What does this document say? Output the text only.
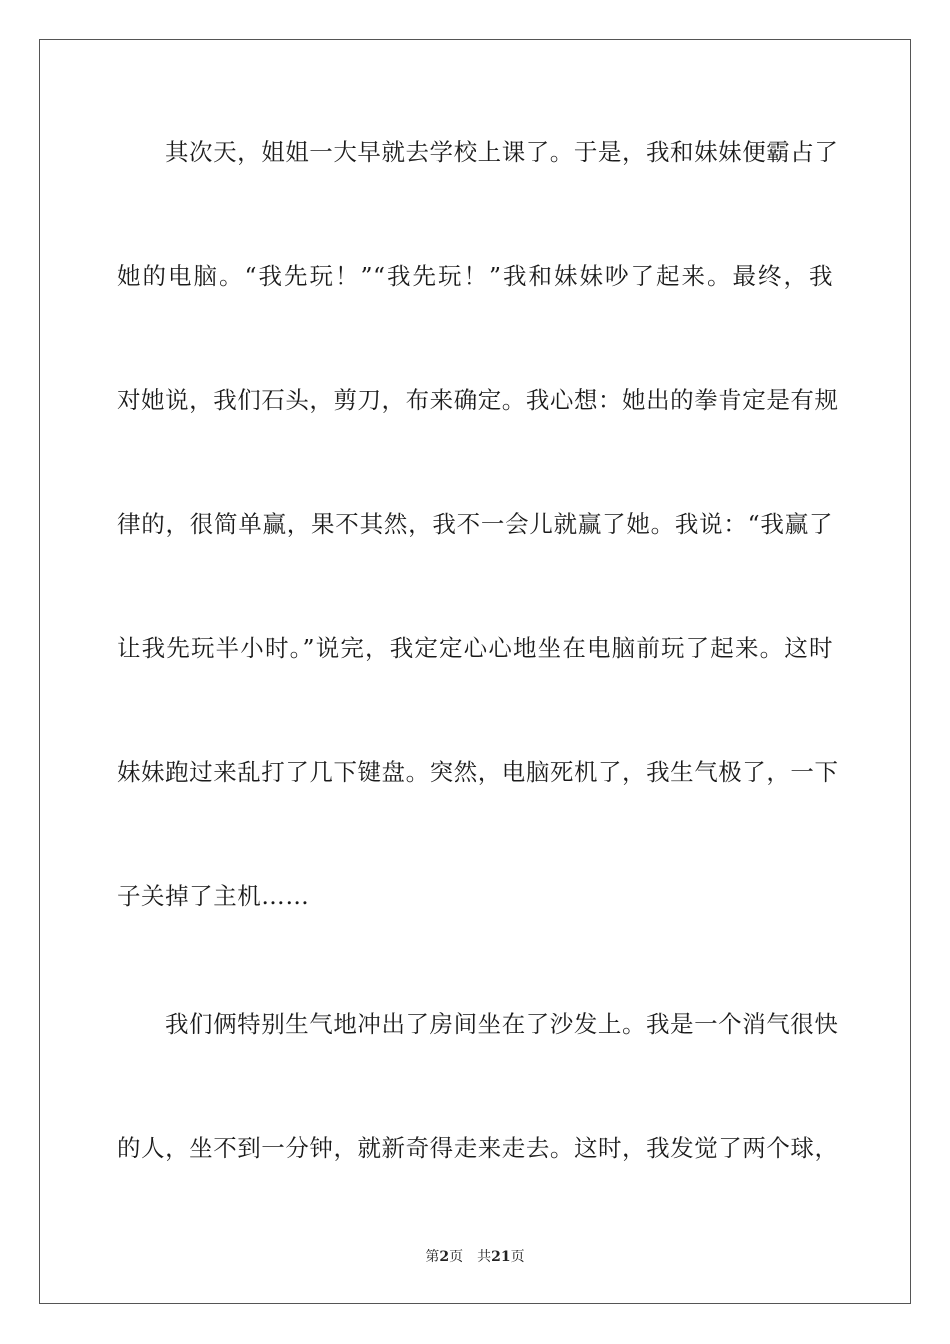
其次天，姐姐一大早就去学校上课了。于是，我和妹妹便霸占了
她的电脑。“我先玩！”“我先玩！”我和妹妹吵了起来。最终，我
对她说，我们石头，剪刀，布来确定。我心想：她出的拳肯定是有规
律的，很简单赢，果不其然，我不一会儿就赢了她。我说：“我赢了
让我先玩半小时。”说完，我定定心心地坐在电脑前玩了起来。这时
妹妹跑过来乱打了几下键盘。突然，电脑死机了，我生气极了，一下
子关掉了主机……
我们俩特别生气地冲出了房间坐在了沙发上。我是一个消气很快
的人，坐不到一分钟，就新奇得走来走去。这时，我发觉了两个球，
第2页 共21页
